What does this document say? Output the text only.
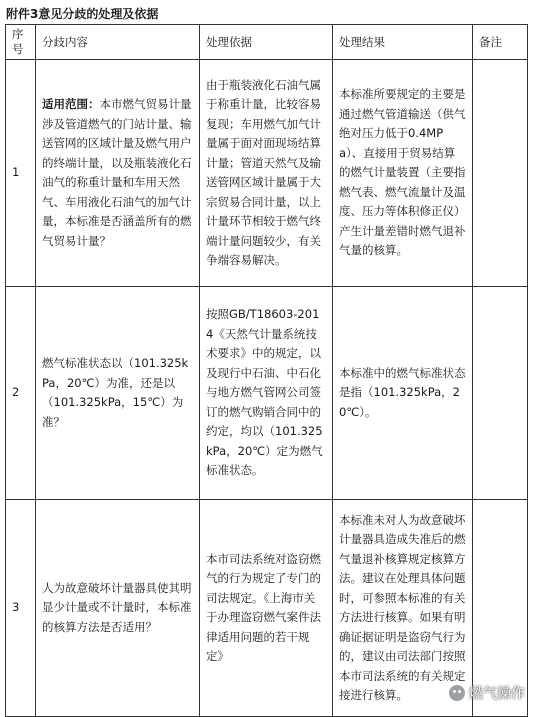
附件3意见分歧的处理及依据
序号	分歧内容	处理依据	处理结果	备注
1	适用范围：本市燃气贸易计量涉及管道燃气的门站计量、输送管网的区域计量及燃气用户的终端计量，以及瓶装液化石油气的称重计量和车用天然气、车用液化石油气的加气计量，本标准是否涵盖所有的燃气贸易计量？	由于瓶装液化石油气属于称重计量，比较容易复现；车用燃气加气计量属于面对面现场结算计量；管道天然气及输送管网区域计量属于大宗贸易合同计量，以上计量环节相较于燃气终端计量问题较少，有关争端容易解决。	本标准所要规定的主要是通过燃气管道输送（供气绝对压力低于0.4MPa）、直接用于贸易结算的燃气计量装置（主要指燃气表、燃气流量计及温度、压力等体积修正仪）产生计量差错时燃气退补气量的核算。	
2	燃气标准状态以（101.325kPa，20℃）为准，还是以（101.325kPa，15℃）为准？	按照GB/T18603-2014《天然气计量系统技术要求》中的规定，以及现行中石油、中石化与地方燃气管网公司签订的燃气购销合同中的约定，均以（101.325kPa，20℃）定为燃气标准状态。	本标准中的燃气标准状态是指（101.325kPa，20℃）。	
3	人为故意破坏计量器具使其明显少计量或不计量时，本标准的核算方法是否适用？	本市司法系统对盗窃燃气的行为规定了专门的司法规定。《上海市关于办理盗窃燃气案件法律适用问题的若干规定》	本标准未对人为故意破坏计量器具造成失准后的燃气量退补核算规定核算方法。建议在处理具体问题时，可参照本标准的有关方法进行核算。如果有明确证据证明是盗窃气行为的，建议由司法部门按照本市司法系统的有关规定接进行核算。		燃气操作
